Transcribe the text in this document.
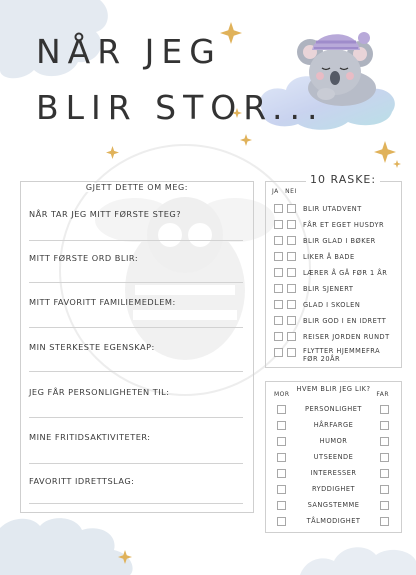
NÅR JEG
BLIR STOR...
GJETT DETTE OM MEG:
NÅR TAR JEG MITT FØRSTE STEG?
MITT FØRSTE ORD BLIR:
MITT FAVORITT FAMILIEMEDLEM:
MIN STERKESTE EGENSKAP:
JEG FÅR PERSONLIGHETEN TIL:
MINE FRITIDSAKTIVITETER:
FAVORITT IDRETTSLAG:
10 RASKE:
JA NEI
BLIR UTADVENT
FÅR ET EGET HUSDYR
BLIR GLAD I BØKER
LIKER Å BADE
LÆRER Å GÅ FØR 1 ÅR
BLIR SJENERT
GLAD I SKOLEN
BLIR GOD I EN IDRETT
REISER JORDEN RUNDT
FLYTTER HJEMMEFRA
FØR 20ÅR
HVEM BLIR JEG LIK?
MOR	FAR
PERSONLIGHET
HÅRFARGE
HUMOR
UTSEENDE
INTERESSER
RYDDIGHET
SANGSTEMME
TÅLMODIGHET
